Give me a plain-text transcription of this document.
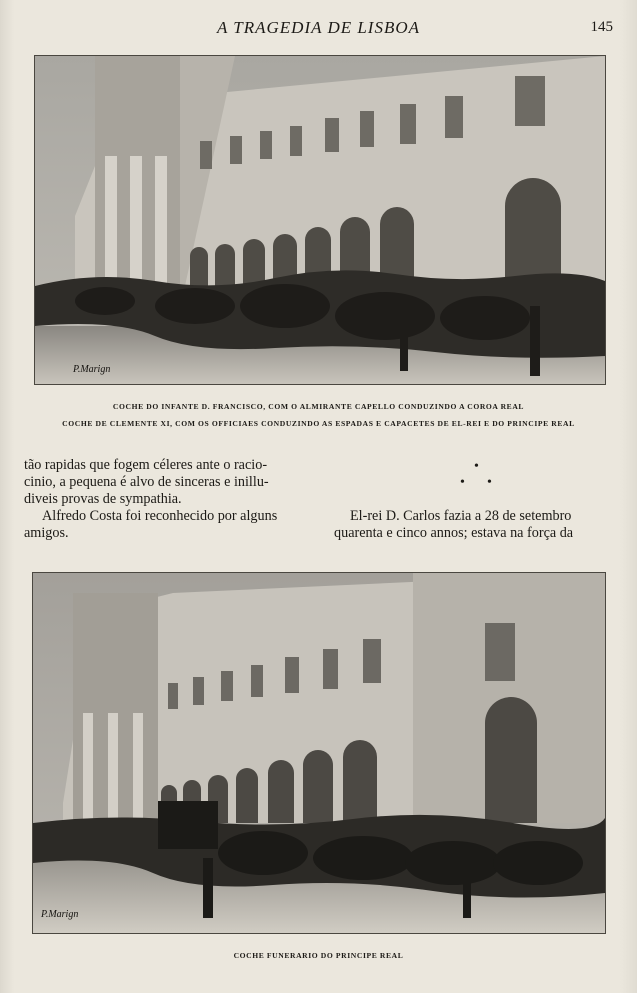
A TRAGEDIA DE LISBOA	145
P.Marign
COCHE DO INFANTE D. FRANCISCO, COM O ALMIRANTE CAPELLO CONDUZINDO A COROA REAL
COCHE DE CLEMENTE XI, COM OS OFFICIAES CONDUZINDO AS ESPADAS E CAPACETES DE EL-REI E DO PRINCIPE REAL
tão rapidas que fogem céleres ante o racio-
cinio, a pequena é alvo de sinceras e inillu-
diveis provas de sympathia.
Alfredo Costa foi reconhecido por alguns
amigos.
•
• •
El-rei D. Carlos fazia a 28 de setembro
quarenta e cinco annos; estava na força da
P.Marign
COCHE FUNERARIO DO PRINCIPE REAL
